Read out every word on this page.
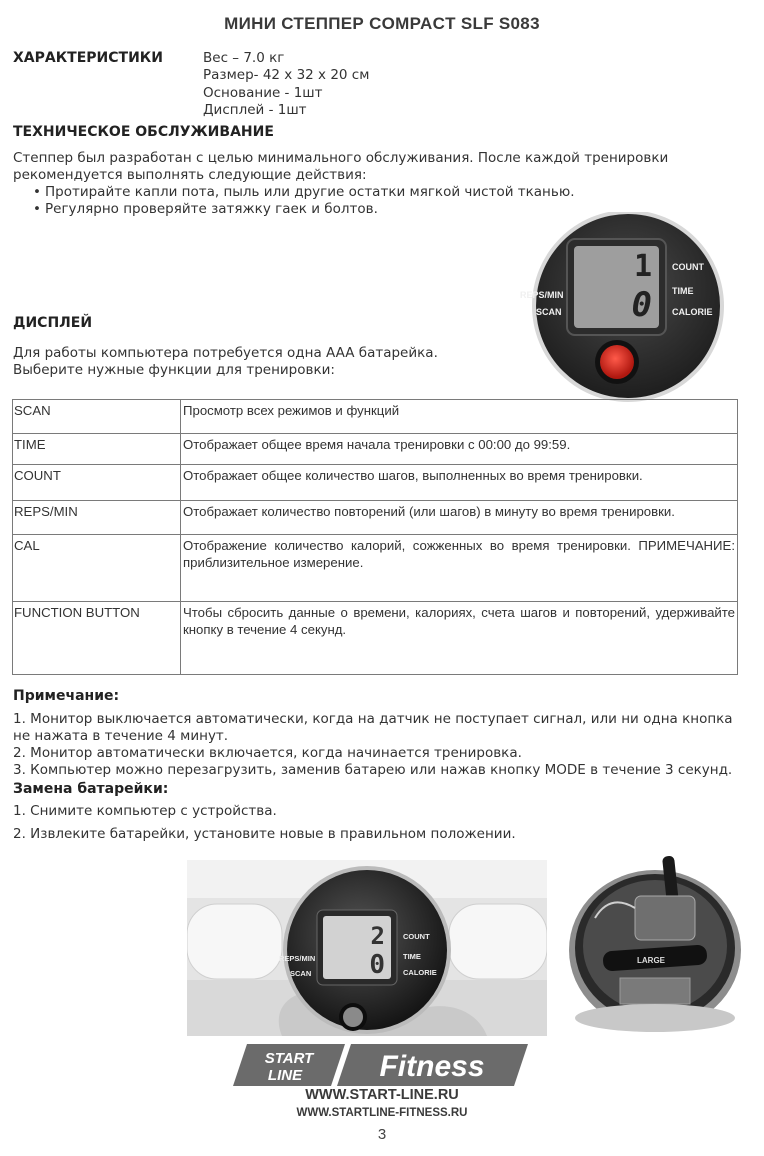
МИНИ СТЕППЕР COMPACT SLF S083
ХАРАКТЕРИСТИКИ	Вес – 7.0 кг
Размер- 42 x 32 x 20 см
Основание - 1шт
Дисплей - 1шт
ТЕХНИЧЕСКОЕ ОБСЛУЖИВАНИЕ
Степпер был разработан с целью минимального обслуживания. После каждой тренировки рекомендуется выполнять следующие действия:
• Протирайте капли пота, пыль или другие остатки мягкой чистой тканью.
• Регулярно проверяйте затяжку гаек и болтов.
1
0
COUNT
TIME
CALORIE
REPS/MIN
SCAN
ДИСПЛЕЙ
Для работы компьютера потребуется одна AAA батарейка.
Выберите нужные функции для тренировки:
SCAN	Просмотр всех режимов и функций
TIME	Отображает общее время начала тренировки с 00:00 до 99:59.
COUNT	Отображает общее количество шагов, выполненных во время тренировки.
REPS/MIN	Отображает количество повторений (или шагов) в минуту во время тренировки.
CAL	Отображение количество калорий, сожженных во время тренировки. ПРИМЕЧАНИЕ: приблизительное измерение.
FUNCTION BUTTON	Чтобы сбросить данные о времени, калориях, счета шагов и повторений, удерживайте кнопку в течение 4 секунд.
Примечание:
1. Монитор выключается автоматически, когда на датчик не поступает сигнал, или ни одна кнопка не нажата в течение 4 минут.
2. Монитор автоматически включается, когда начинается тренировка.
3. Компьютер можно перезагрузить, заменив батарею или нажав кнопку MODE в течение 3 секунд.
Замена батарейки:
1. Снимите компьютер с устройства.
2. Извлеките батарейки, установите новые в правильном положении.
2
0
COUNT
TIME
CALORIE
REPS/MIN
SCAN
LARGE
START
LINE	Fitness
WWW.START-LINE.RU
WWW.STARTLINE-FITNESS.RU
3
